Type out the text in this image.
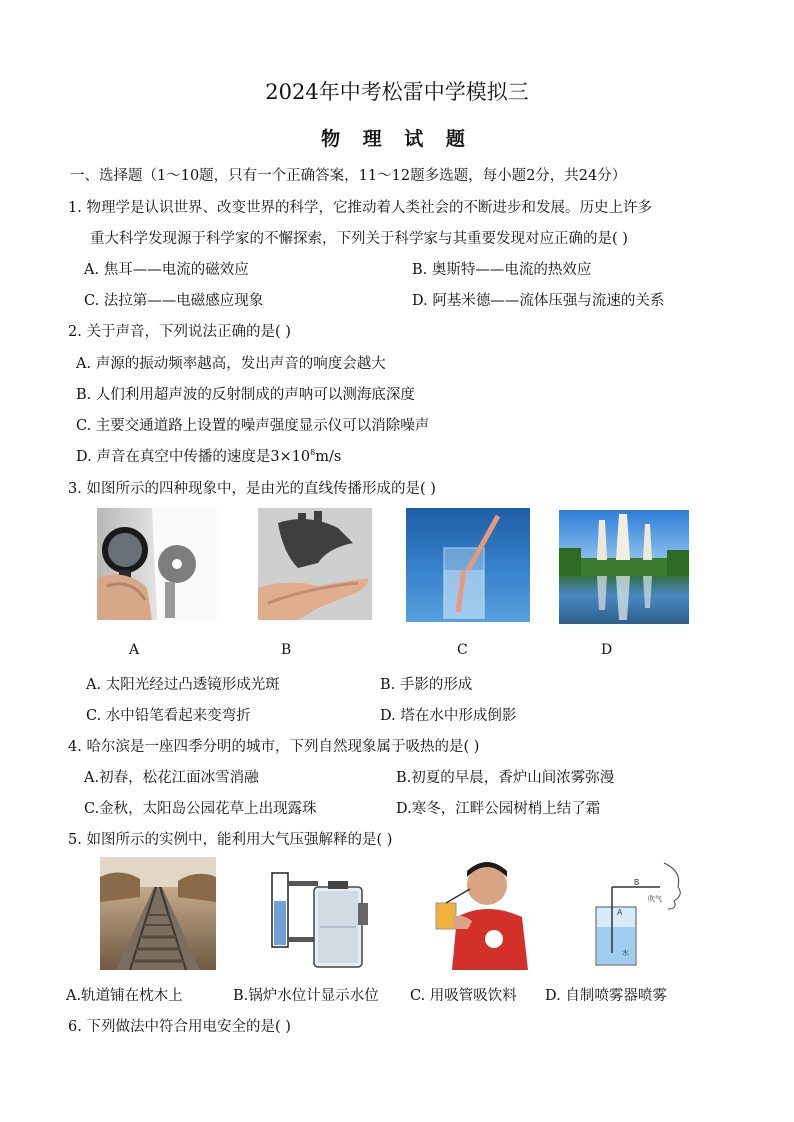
2024年中考松雷中学模拟三
物 理 试 题
一、选择题（1～10题，只有一个正确答案，11～12题多选题，每小题2分，共24分）
1. 物理学是认识世界、改变世界的科学，它推动着人类社会的不断进步和发展。历史上许多
重大科学发现源于科学家的不懈探索，下列关于科学家与其重要发现对应正确的是( )
A. 焦耳——电流的磁效应	B. 奥斯特——电流的热效应
C. 法拉第——电磁感应现象	D. 阿基米德——流体压强与流速的关系
2. 关于声音，下列说法正确的是( )
A. 声源的振动频率越高，发出声音的响度会越大
B. 人们利用超声波的反射制成的声呐可以测海底深度
C. 主要交通道路上设置的噪声强度显示仪可以消除噪声
D. 声音在真空中传播的速度是$3\times 10^8m/s$
3. 如图所示的四种现象中，是由光的直线传播形成的是( )
A	B	C	D
A. 太阳光经过凸透镜形成光斑	B. 手影的形成
C. 水中铅笔看起来变弯折	D. 塔在水中形成倒影
4. 哈尔滨是一座四季分明的城市，下列自然现象属于吸热的是( )
A.初春，松花江面冰雪消融	B.初夏的早晨，香炉山间浓雾弥漫
C.金秋，太阳岛公园花草上出现露珠	D.寒冬，江畔公园树梢上结了霜
5. 如图所示的实例中，能利用大气压强解释的是( )
B
A
吹气
水
A.轨道铺在枕木上	B.锅炉水位计显示水位 C. 用吸管吸饮料 D. 自制喷雾器喷雾
6. 下列做法中符合用电安全的是( )
